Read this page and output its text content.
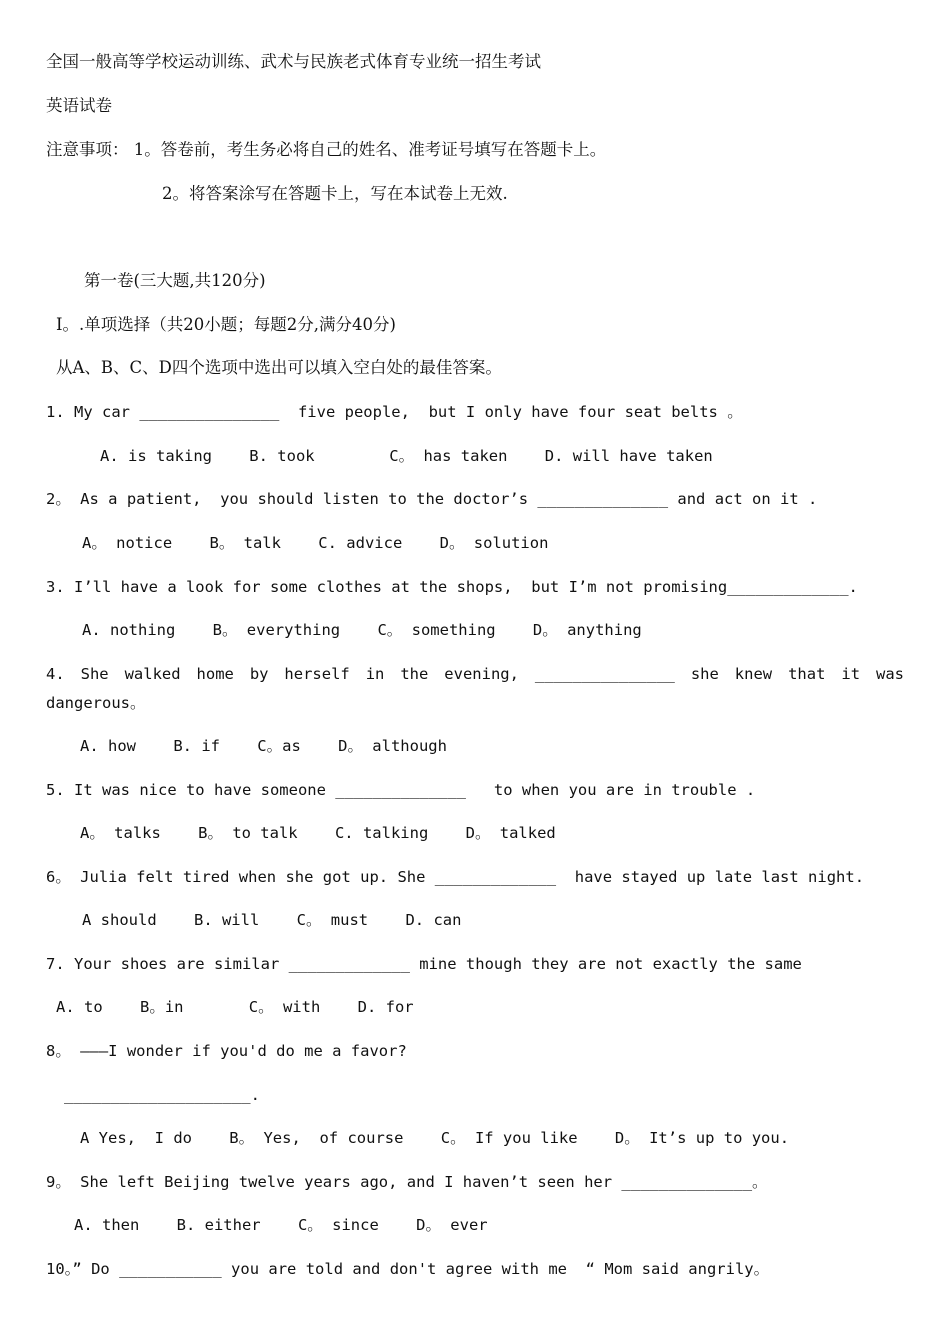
全国一般高等学校运动训练、武术与民族老式体育专业统一招生考试
英语试卷
注意事项： 1。答卷前，考生务必将自己的姓名、准考证号填写在答题卡上。
2。将答案涂写在答题卡上，写在本试卷上无效.
第一卷(三大题,共120分)
I。.单项选择（共20小题；每题2分,满分40分)
从A、B、C、D四个选项中选出可以填入空白处的最佳答案。
1. My car _______________  five people,  but I only have four seat belts 。
A. is taking    B. took        C。 has taken    D. will have taken
2。 As a patient,  you should listen to the doctor’s ______________ and act on it .
A。 notice    B。 talk    C. advice    D。 solution
3. I’ll have a look for some clothes at the shops,  but I’m not promising_____________.
A. nothing    B。 everything    C。 something    D。 anything
4. She walked home by herself in the evening, _______________ she knew that it was
dangerous。
A. how    B. if    C。as    D。 although
5. It was nice to have someone ______________   to when you are in trouble .
A。 talks    B。 to talk    C. talking    D。 talked
6。 Julia felt tired when she got up. She _____________  have stayed up late last night.
A should    B. will    C。 must    D. can
7. Your shoes are similar _____________ mine though they are not exactly the same
A. to    B。in       C。 with    D. for
8。 ———I wonder if you'd do me a favor?
____________________.
A Yes,  I do    B。 Yes,  of course    C。 If you like    D。 It’s up to you.
9。 She left Beijing twelve years ago, and I haven’t seen her ______________。
A. then    B. either    C。 since    D。 ever
10。” Do ___________ you are told and don't agree with me  “ Mom said angrily。
